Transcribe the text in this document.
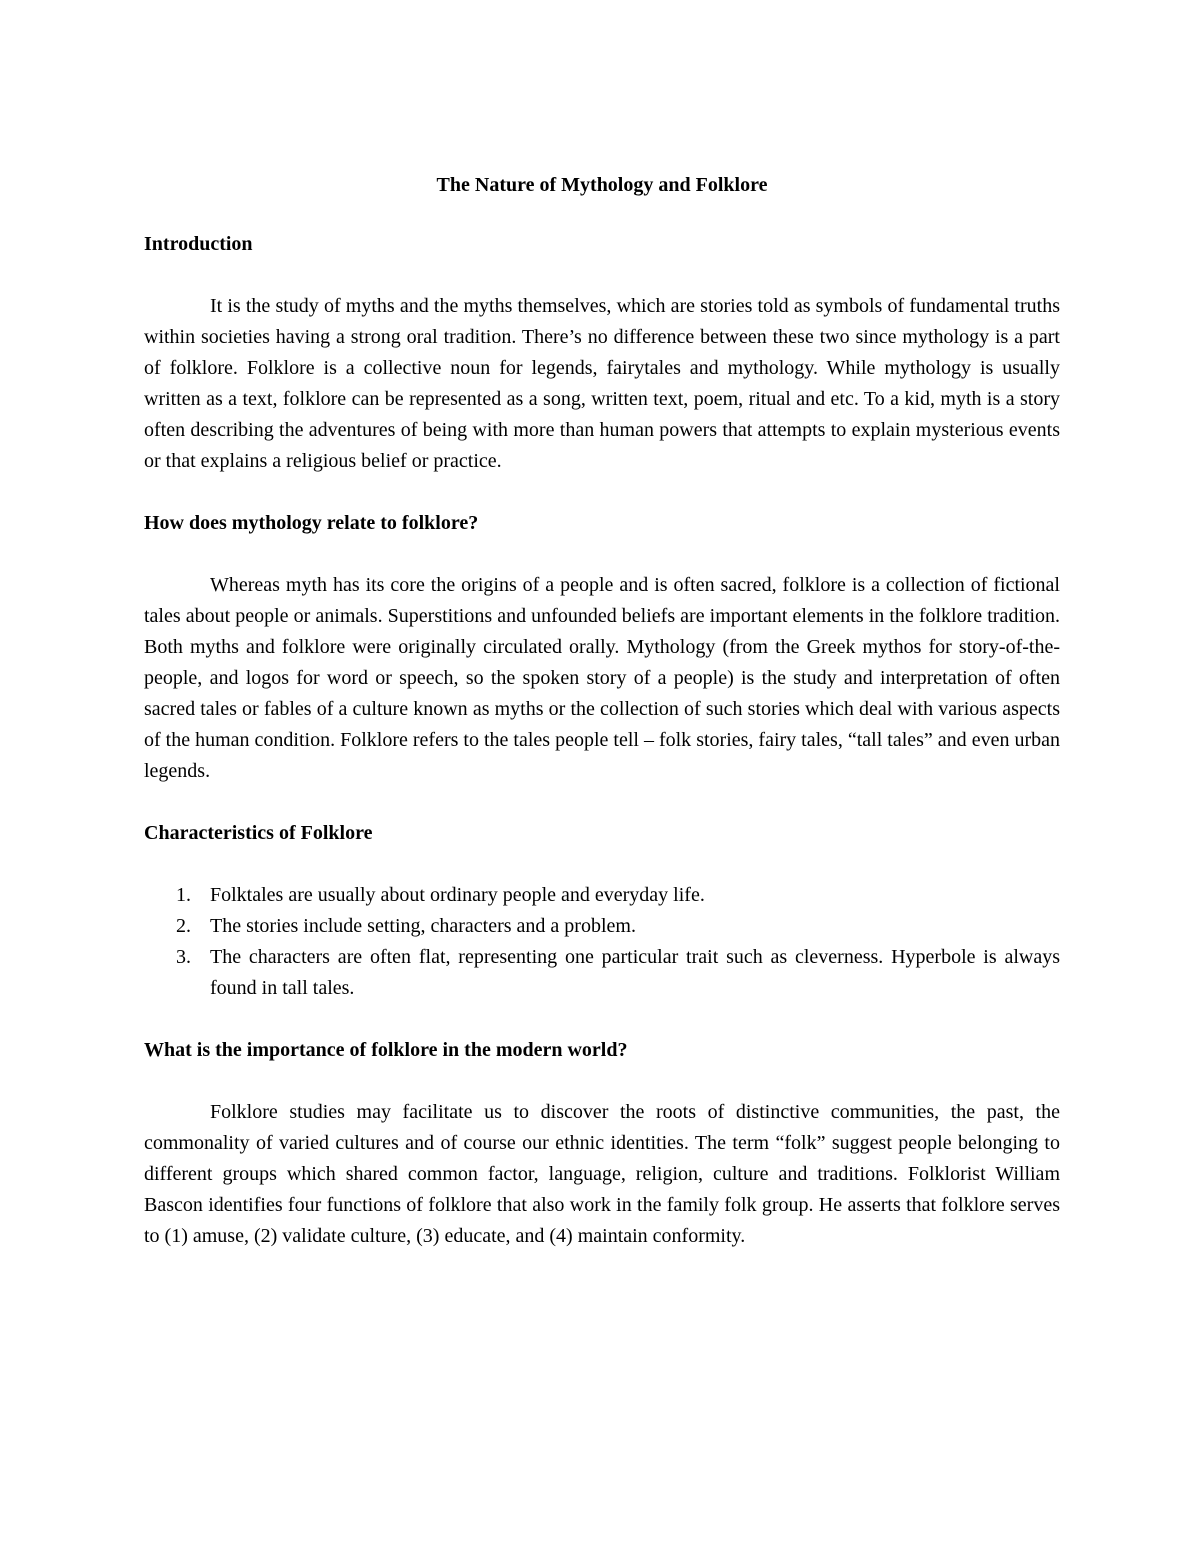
The Nature of Mythology and Folklore
Introduction

It is the study of myths and the myths themselves, which are stories told as symbols of fundamental truths within societies having a strong oral tradition. There’s no difference between these two since mythology is a part of folklore. Folklore is a collective noun for legends, fairytales and mythology. While mythology is usually written as a text, folklore can be represented as a song, written text, poem, ritual and etc. To a kid, myth is a story often describing the adventures of being with more than human powers that attempts to explain mysterious events or that explains a religious belief or practice.

How does mythology relate to folklore?

Whereas myth has its core the origins of a people and is often sacred, folklore is a collection of fictional tales about people or animals. Superstitions and unfounded beliefs are important elements in the folklore tradition. Both myths and folklore were originally circulated orally. Mythology (from the Greek mythos for story-of-the-people, and logos for word or speech, so the spoken story of a people) is the study and interpretation of often sacred tales or fables of a culture known as myths or the collection of such stories which deal with various aspects of the human condition. Folklore refers to the tales people tell – folk stories, fairy tales, “tall tales” and even urban legends.

Characteristics of Folklore
1. Folktales are usually about ordinary people and everyday life.
2. The stories include setting, characters and a problem.
3. The characters are often flat, representing one particular trait such as cleverness. Hyperbole is always found in tall tales.
What is the importance of folklore in the modern world?

Folklore studies may facilitate us to discover the roots of distinctive communities, the past, the commonality of varied cultures and of course our ethnic identities. The term “folk” suggest people belonging to different groups which shared common factor, language, religion, culture and traditions. Folklorist William Bascon identifies four functions of folklore that also work in the family folk group. He asserts that folklore serves to (1) amuse, (2) validate culture, (3) educate, and (4) maintain conformity.
